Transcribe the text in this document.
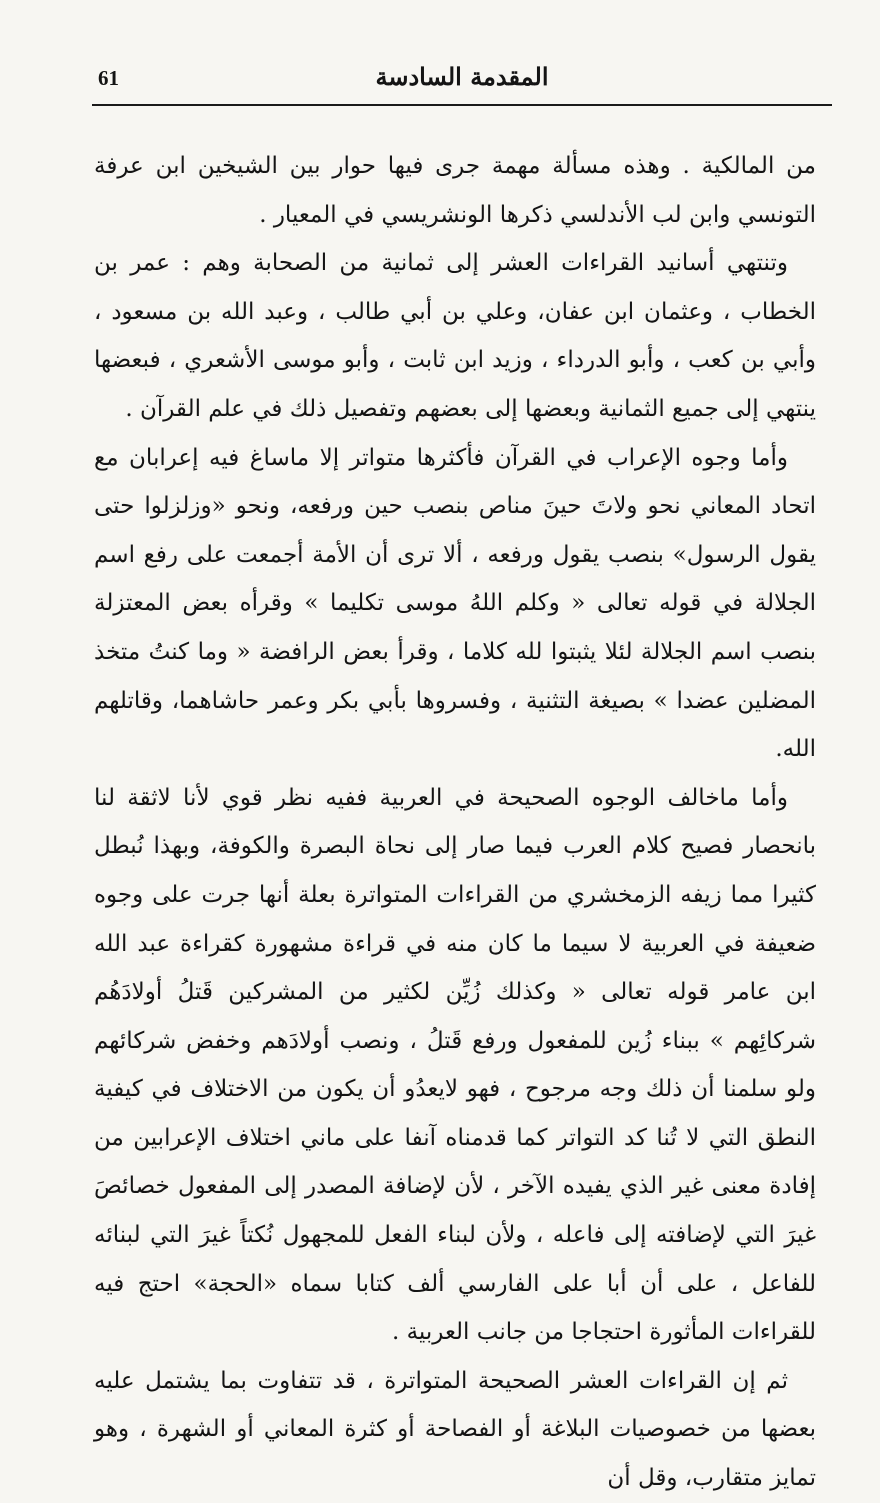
61	المقدمة السادسة

من المالكية . وهذه مسألة مهمة جرى فيها حوار بين الشيخين ابن عرفة التونسي وابن لب الأندلسي ذكرها الونشريسي في المعيار .

وتنتهي أسانيد القراءات العشر إلى ثمانية من الصحابة وهم : عمر بن الخطاب ، وعثمان ابن عفان، وعلي بن أبي طالب ، وعبد الله بن مسعود ، وأبي بن كعب ، وأبو الدرداء ، وزيد ابن ثابت ، وأبو موسى الأشعري ، فبعضها ينتهي إلى جميع الثمانية وبعضها إلى بعضهم وتفصيل ذلك في علم القرآن .

وأما وجوه الإعراب في القرآن فأكثرها متواتر إلا ماساغ فيه إعرابان مع اتحاد المعاني نحو ولاتَ حينَ مناص بنصب حين ورفعه، ونحو «وزلزلوا حتى يقول الرسول» بنصب يقول ورفعه ، ألا ترى أن الأمة أجمعت على رفع اسم الجلالة في قوله تعالى « وكلم اللهُ موسى تكليما » وقرأه بعض المعتزلة بنصب اسم الجلالة لئلا يثبتوا لله كلاما ، وقرأ بعض الرافضة « وما كنتُ متخذ المضلين عضدا » بصيغة التثنية ، وفسروها بأبي بكر وعمر حاشاهما، وقاتلهم الله.

وأما ماخالف الوجوه الصحيحة في العربية ففيه نظر قوي لأنا لاثقة لنا بانحصار فصيح كلام العرب فيما صار إلى نحاة البصرة والكوفة، وبهذا نُبطل كثيرا مما زيفه الزمخشري من القراءات المتواترة بعلة أنها جرت على وجوه ضعيفة في العربية لا سيما ما كان منه في قراءة مشهورة كقراءة عبد الله ابن عامر قوله تعالى « وكذلك زُيِّن لكثير من المشركين قَتلُ أولادَهُم شركائِهم » ببناء زُين للمفعول ورفع قَتلُ ، ونصب أولادَهم وخفض شركائهم ولو سلمنا أن ذلك وجه مرجوح ، فهو لايعدُو أن يكون من الاختلاف في كيفية النطق التي لا تُنا كد التواتر كما قدمناه آنفا على ماني اختلاف الإعرابين من إفادة معنى غير الذي يفيده الآخر ، لأن لإضافة المصدر إلى المفعول خصائصَ غيرَ التي لإضافته إلى فاعله ، ولأن لبناء الفعل للمجهول نُكتاً غيرَ التي لبنائه للفاعل ، على أن أبا على الفارسي ألف كتابا سماه «الحجة» احتج فيه للقراءات المأثورة احتجاجا من جانب العربية .

ثم إن القراءات العشر الصحيحة المتواترة ، قد تتفاوت بما يشتمل عليه بعضها من خصوصيات البلاغة أو الفصاحة أو كثرة المعاني أو الشهرة ، وهو تمايز متقارب، وقل أن
